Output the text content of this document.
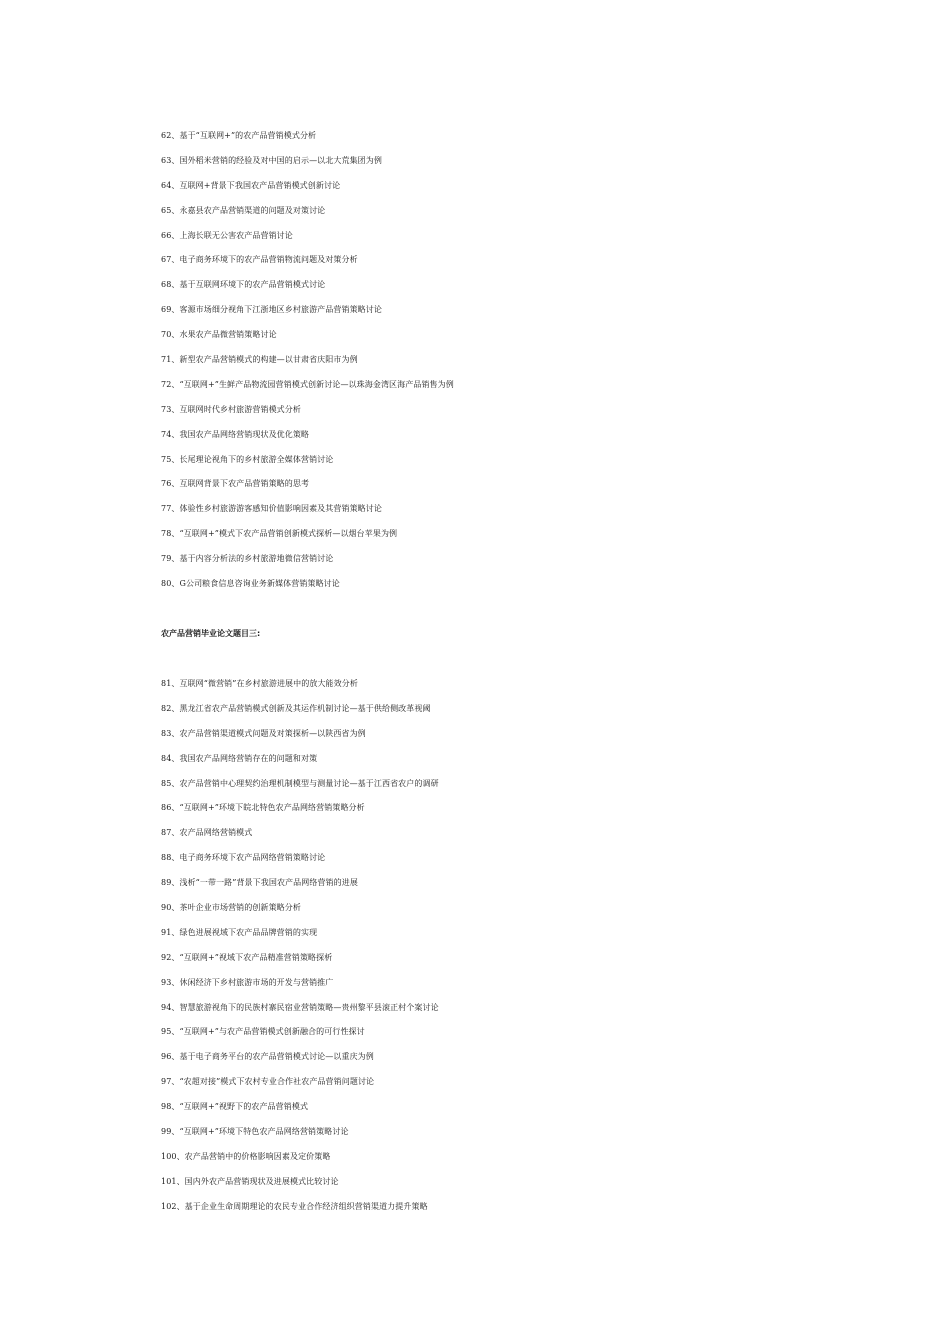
62、基于“互联网+”的农产品营销模式分析
63、国外稻米营销的经验及对中国的启示—以北大荒集团为例
64、互联网+背景下我国农产品营销模式创新讨论
65、永嘉县农产品营销渠道的问题及对策讨论
66、上海长联无公害农产品营销讨论
67、电子商务环境下的农产品营销物流问题及对策分析
68、基于互联网环境下的农产品营销模式讨论
69、客源市场细分视角下江浙地区乡村旅游产品营销策略讨论
70、水果农产品微营销策略讨论
71、新型农产品营销模式的构建—以甘肃省庆阳市为例
72、“互联网+”生鲜产品物流园营销模式创新讨论—以珠海金湾区海产品销售为例
73、互联网时代乡村旅游营销模式分析
74、我国农产品网络营销现状及优化策略
75、长尾理论视角下的乡村旅游全媒体营销讨论
76、互联网背景下农产品营销策略的思考
77、体验性乡村旅游游客感知价值影响因素及其营销策略讨论
78、“互联网+”模式下农产品营销创新模式探析—以烟台苹果为例
79、基于内容分析法的乡村旅游地微信营销讨论
80、G公司粮食信息咨询业务新媒体营销策略讨论
农产品营销毕业论文题目三:
81、互联网“微营销”在乡村旅游进展中的放大能效分析
82、黑龙江省农产品营销模式创新及其运作机制讨论—基于供给侧改革视阈
83、农产品营销渠道模式问题及对策探析—以陕西省为例
84、我国农产品网络营销存在的问题和对策
85、农产品营销中心理契约治理机制模型与测量讨论—基于江西省农户的调研
86、“互联网+”环境下皖北特色农产品网络营销策略分析
87、农产品网络营销模式
88、电子商务环境下农产品网络营销策略讨论
89、浅析“一带一路”背景下我国农产品网络营销的进展
90、茶叶企业市场营销的创新策略分析
91、绿色进展视域下农产品品牌营销的实现
92、“互联网+”视域下农产品精准营销策略探析
93、休闲经济下乡村旅游市场的开发与营销推广
94、智慧旅游视角下的民族村寨民宿业营销策略—贵州黎平县滚正村个案讨论
95、“互联网+”与农产品营销模式创新融合的可行性探讨
96、基于电子商务平台的农产品营销模式讨论—以重庆为例
97、“农超对接”模式下农村专业合作社农产品营销问题讨论
98、“互联网+”视野下的农产品营销模式
99、“互联网+”环境下特色农产品网络营销策略讨论
100、农产品营销中的价格影响因素及定价策略
101、国内外农产品营销现状及进展模式比较讨论
102、基于企业生命周期理论的农民专业合作经济组织营销渠道力提升策略
